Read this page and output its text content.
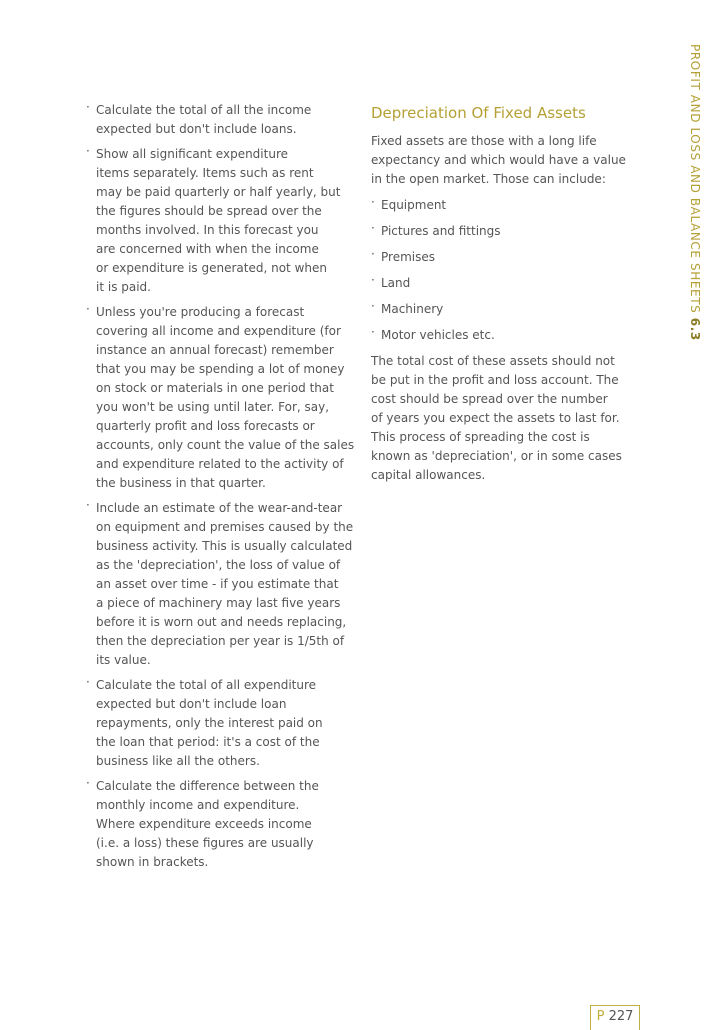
PROFIT AND LOSS AND BALANCE SHEETS 6.3
· Calculate the total of all the income
expected but don't include loans.
· Show all significant expenditure
items separately. Items such as rent
may be paid quarterly or half yearly, but
the figures should be spread over the
months involved. In this forecast you
are concerned with when the income
or expenditure is generated, not when
it is paid.
· Unless you're producing a forecast
covering all income and expenditure (for
instance an annual forecast) remember
that you may be spending a lot of money
on stock or materials in one period that
you won't be using until later. For, say,
quarterly profit and loss forecasts or
accounts, only count the value of the sales
and expenditure related to the activity of
the business in that quarter.
· Include an estimate of the wear-and-tear
on equipment and premises caused by the
business activity. This is usually calculated
as the 'depreciation', the loss of value of
an asset over time - if you estimate that
a piece of machinery may last five years
before it is worn out and needs replacing,
then the depreciation per year is 1/5th of
its value.
· Calculate the total of all expenditure
expected but don't include loan
repayments, only the interest paid on
the loan that period: it's a cost of the
business like all the others.
· Calculate the difference between the
monthly income and expenditure.
Where expenditure exceeds income
(i.e. a loss) these figures are usually
shown in brackets.
Depreciation Of Fixed Assets
Fixed assets are those with a long life
expectancy and which would have a value
in the open market. Those can include:
· Equipment
· Pictures and fittings
· Premises
· Land
· Machinery
· Motor vehicles etc.
The total cost of these assets should not
be put in the profit and loss account. The
cost should be spread over the number
of years you expect the assets to last for.
This process of spreading the cost is
known as 'depreciation', or in some cases
capital allowances.
P 227
